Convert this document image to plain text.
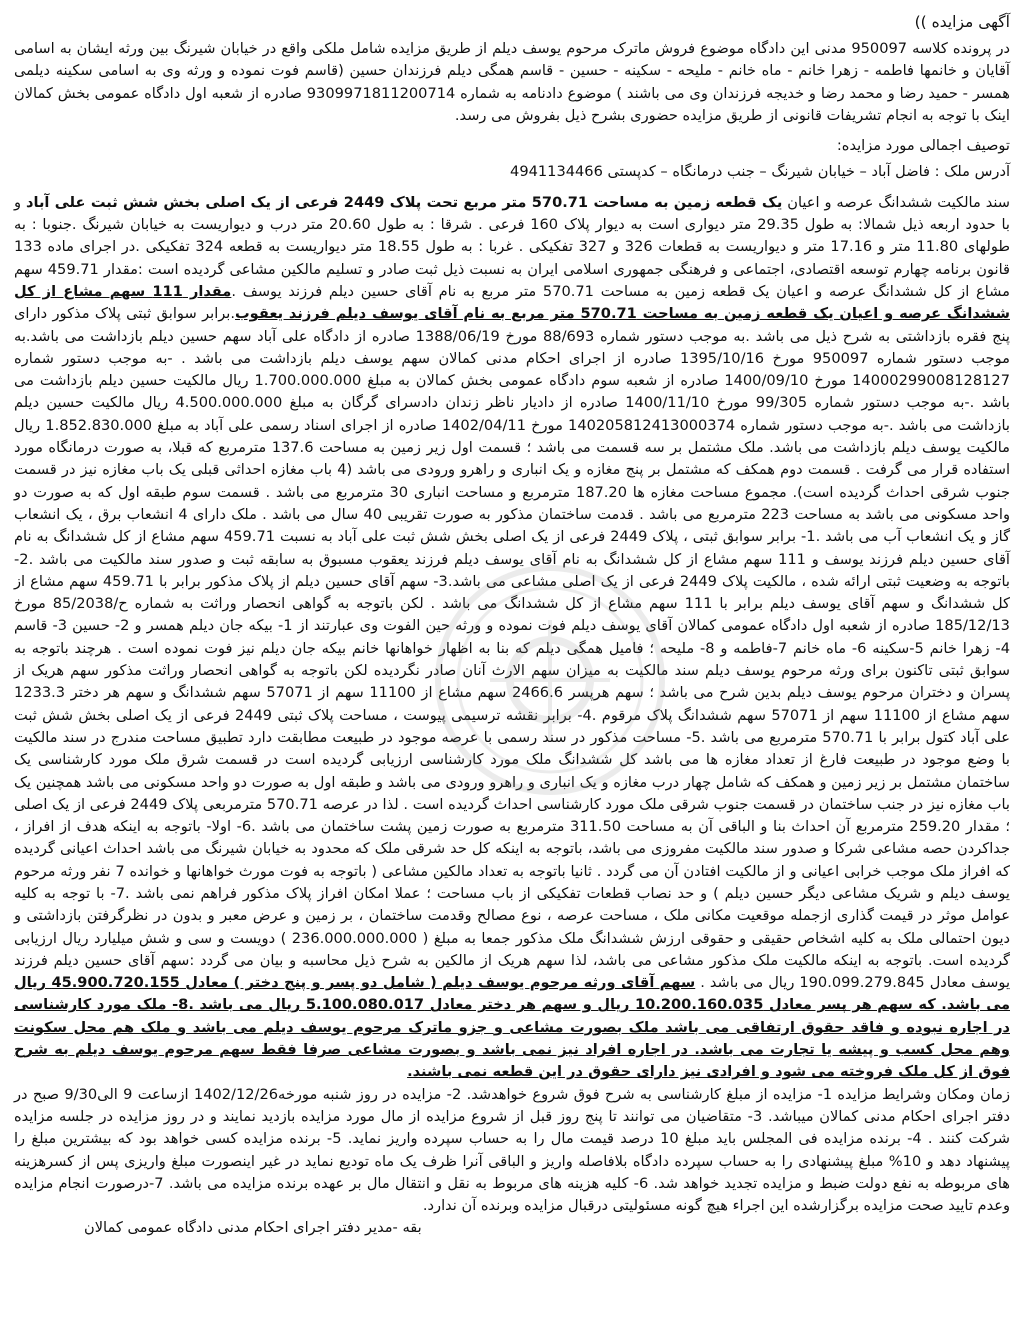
آگهی مزایده ))

در پرونده کلاسه 950097 مدنی این دادگاه موضوع فروش ماترک مرحوم یوسف دیلم از طریق مزایده شامل ملکی واقع در خیابان شیرنگ بین ورثه ایشان به اسامی آقایان و خانمها فاطمه - زهرا خانم - ماه خانم - ملیحه - سکینه - حسین - قاسم همگی دیلم فرزندان حسین (قاسم فوت نموده و ورثه وی به اسامی سکینه دیلمی همسر - حمید رضا و محمد رضا و خدیجه فرزندان وی می باشند ) موضوع دادنامه به شماره 9309971811200714 صادره از شعبه اول دادگاه عمومی بخش کمالان اینک با توجه به انجام تشریفات قانونی از طریق مزایده حضوری بشرح ذیل بفروش می رسد.

توصیف اجمالی مورد مزایده:

آدرس ملک : فاضل آباد – خیابان شیرنگ – جنب درمانگاه – کدپستی 4941134466

سند مالکیت ششدانگ عرصه و اعیان یک قطعه زمین به مساحت 570.71 متر مربع تحت پلاک 2449 فرعی از یک اصلی بخش شش ثبت علی آباد و با حدود اربعه ذیل شمالا: به طول 29.35 متر دیواری است به دیوار پلاک 160 فرعی . شرقا : به طول 20.60 متر درب و دیواریست به خیابان شیرنگ .جنوبا : به طولهای 11.80 متر و 17.16 متر و دیواریست به قطعات 326 و 327 تفکیکی . غربا : به طول 18.55 متر دیواریست به قطعه 324 تفکیکی .در اجرای ماده 133 قانون برنامه چهارم توسعه اقتصادی، اجتماعی و فرهنگی جمهوری اسلامی ایران به نسبت ذیل ثبت صادر و تسلیم مالکین مشاعی گردیده است :مقدار 459.71 سهم مشاع از کل ششدانگ عرصه و اعیان یک قطعه زمین به مساحت 570.71 متر مربع به نام آقای حسین دیلم فرزند یوسف .مقدار 111 سهم مشاع از کل ششدانگ عرصه و اعیان یک قطعه زمین به مساحت 570.71 متر مربع به نام آقای یوسف دیلم فرزند یعقوب.برابر سوابق ثبتی پلاک مذکور دارای پنج فقره بازداشتی به شرح ذیل می باشد .به موجب دستور شماره 88/693 مورخ 1388/06/19 صادره از دادگاه علی آباد سهم حسین دیلم بازداشت می باشد.به موجب دستور شماره 950097 مورخ 1395/10/16 صادره از اجرای احکام مدنی کمالان سهم یوسف دیلم بازداشت می باشد . -به موجب دستور شماره 14000299008128127 مورخ 1400/09/10 صادره از شعبه سوم دادگاه عمومی بخش کمالان به مبلغ 1.700.000.000 ریال مالکیت حسین دیلم بازداشت می باشد .-به موجب دستور شماره 99/305 مورخ 1400/11/10 صادره از دادیار ناظر زندان دادسرای گرگان به مبلغ 4.500.000.000 ریال مالکیت حسین دیلم بازداشت می باشد .-به موجب دستور شماره 140205812413000374 مورخ 1402/04/11 صادره از اجرای اسناد رسمی علی آباد به مبلغ 1.852.830.000 ریال مالکیت یوسف دیلم بازداشت می باشد. ملک مشتمل بر سه قسمت می باشد ؛ قسمت اول زیر زمین به مساحت 137.6 مترمربع که قبلا، به صورت درمانگاه مورد استفاده قرار می گرفت . قسمت دوم همکف که مشتمل بر پنج مغازه و یک انباری و راهرو ورودی می باشد (4 باب مغازه احداثی قبلی یک باب مغازه نیز در قسمت جنوب شرقی احداث گردیده است). مجموع مساحت مغازه ها 187.20 مترمربع و مساحت انباری 30 مترمربع می باشد . قسمت سوم طبقه اول که به صورت دو واحد مسکونی می باشد به مساحت 223 مترمربع می باشد . قدمت ساختمان مذکور به صورت تقریبی 40 سال می باشد . ملک دارای 4 انشعاب برق ، یک انشعاب گاز و یک انشعاب آب می باشد .1- برابر سوابق ثبتی ، پلاک 2449 فرعی از یک اصلی بخش شش ثبت علی آباد به نسبت 459.71 سهم مشاع از کل ششدانگ به نام آقای حسین دیلم فرزند یوسف و 111 سهم مشاع از کل ششدانگ به نام آقای یوسف دیلم فرزند یعقوب مسبوق به سابقه ثبت و صدور سند مالکیت می باشد .2- باتوجه به وضعیت ثبتی ارائه شده ، مالکیت پلاک 2449 فرعی از یک اصلی مشاعی می باشد.3- سهم آقای حسین دیلم از پلاک مذکور برابر با 459.71 سهم مشاع از کل ششدانگ و سهم آقای یوسف دیلم برابر با 111 سهم مشاع از کل ششدانگ می باشد . لکن باتوجه به گواهی انحصار وراثت به شماره ح/85/2038 مورخ 185/12/13 صادره از شعبه اول دادگاه عمومی کمالان آقای یوسف دیلم فوت نموده و ورثه حین الفوت وی عبارتند از 1- بیکه جان دیلم همسر و 2- حسین 3- قاسم 4- زهرا خانم 5-سکینه 6- ماه خانم 7-فاطمه و 8- ملیحه ؛ فامیل همگی دیلم که بنا به اظهار خواهانها خانم بیکه جان دیلم نیز فوت نموده است . هرچند باتوجه به سوابق ثبتی تاکنون برای ورثه مرحوم یوسف دیلم سند مالکیت به میزان سهم الارث آنان صادر نگردیده لکن باتوجه به گواهی انحصار وراثت مذکور سهم هریک از پسران و دختران مرحوم یوسف دیلم بدین شرح می باشد ؛ سهم هرپسر 2466.6 سهم مشاع از 11100 سهم از 57071 سهم ششدانگ و سهم هر دختر 1233.3 سهم مشاع از 11100 سهم از 57071 سهم ششدانگ پلاک مرقوم .4- برابر نقشه ترسیمی پیوست ، مساحت پلاک ثبتی 2449 فرعی از یک اصلی بخش شش ثبت علی آباد کتول برابر با 570.71 مترمربع می باشد .5- مساحت مذکور در سند رسمی با عرصه موجود در طبیعت مطابقت دارد تطبیق مساحت مندرج در سند مالکیت با وضع موجود در طبیعت فارغ از تعداد مغازه ها می باشد کل ششدانگ ملک مورد کارشناسی ارزیابی گردیده است در قسمت شرق ملک مورد کارشناسی یک ساختمان مشتمل بر زیر زمین و همکف که شامل چهار درب مغازه و یک انباری و راهرو ورودی می باشد و طبقه اول به صورت دو واحد مسکونی می باشد همچنین یک باب مغازه نیز در جنب ساختمان در قسمت جنوب شرقی ملک مورد کارشناسی احداث گردیده است . لذا در عرصه 570.71 مترمربعی پلاک 2449 فرعی از یک اصلی ؛ مقدار 259.20 مترمربع آن احداث بنا و الباقی آن به مساحت 311.50 مترمربع به صورت زمین پشت ساختمان می باشد .6- اولا- باتوجه به اینکه هدف از افراز ، جداکردن حصه مشاعی شرکا و صدور سند مالکیت مفروزی می باشد، باتوجه به اینکه کل حد شرقی ملک که محدود به خیابان شیرنگ می باشد احداث اعیانی گردیده که افراز ملک موجب خرابی اعیانی و از مالکیت افتادن آن می گردد . ثانیا باتوجه به تعداد مالکین مشاعی ( باتوجه به فوت مورث خواهانها و خوانده 7 نفر ورثه مرحوم یوسف دیلم و شریک مشاعی دیگر حسین دیلم ) و حد نصاب قطعات تفکیکی از باب مساحت ؛ عملا امکان افراز پلاک مذکور فراهم نمی باشد .7- با توجه به کلیه عوامل موثر در قیمت گذاری ازجمله موقعیت مکانی ملک ، مساحت عرصه ، نوع مصالح وقدمت ساختمان ، بر زمین و عرض معبر و بدون در نظرگرفتن بازداشتی و دیون احتمالی ملک به کلیه اشخاص حقیقی و حقوقی ارزش ششدانگ ملک مذکور جمعا به مبلغ ( 236.000.000.000 ) دویست و سی و شش میلیارد ریال ارزیابی گردیده است. باتوجه به اینکه مالکیت ملک مذکور مشاعی می باشد، لذا سهم هریک از مالکین به شرح ذیل محاسبه و بیان می گردد :سهم آقای حسین دیلم فرزند یوسف معادل 190.099.279.845 ریال می باشد . سهم آقای ورثه مرحوم یوسف دیلم ( شامل دو پسر و پنج دختر ) معادل 45.900.720.155 ریال می باشد. که سهم هر پسر معادل 10.200.160.035 ریال و سهم هر دختر معادل 5.100.080.017 ریال می باشد .8- ملک مورد کارشناسی در اجاره نبوده و فاقد حقوق ارتفاقی می باشد ملک بصورت مشاعی و جزو ماترک مرحوم یوسف دیلم می باشد و ملک هم محل سکونت وهم محل کسب و پیشه یا تجارت می باشد. در اجاره افراد نیز نمی باشد و بصورت مشاعی صرفا فقط سهم مرحوم یوسف دیلم به شرح فوق از کل ملک فروخته می شود و افرادی نیز دارای حقوق در این قطعه نمی باشند.

زمان ومکان وشرایط مزایده 1- مزایده از مبلغ کارشناسی به شرح فوق شروع خواهدشد. 2- مزایده در روز شنبه مورخه1402/12/26 ازساعت 9 الی9/30 صبح در دفتر اجرای احکام مدنی کمالان میباشد. 3- متقاضیان می توانند تا پنج روز قبل از شروع مزایده از مال مورد مزایده بازدید نمایند و در روز مزایده در جلسه مزایده شرکت کنند . 4- برنده مزایده فی المجلس باید مبلغ 10 درصد قیمت مال را به حساب سپرده واریز نماید. 5- برنده مزایده کسی خواهد بود که بیشترین مبلغ را پیشنهاد دهد و 10% مبلغ پیشنهادی را به حساب سپرده دادگاه بلافاصله واریز و الباقی آنرا ظرف یک ماه تودیع نماید در غیر اینصورت مبلغ واریزی پس از کسرهزینه های مربوطه به نفع دولت ضبط و مزایده تجدید خواهد شد. 6- کلیه هزینه های مربوط به نقل و انتقال مال بر عهده برنده مزایده می باشد. 7-درصورت انجام مزایده وعدم تایید صحت مزایده برگزارشده این اجراء هیچ گونه مسئولیتی درقبال مزایده وبرنده آن ندارد.

بقه -مدیر دفتر اجرای احکام مدنی دادگاه عمومی کمالان
